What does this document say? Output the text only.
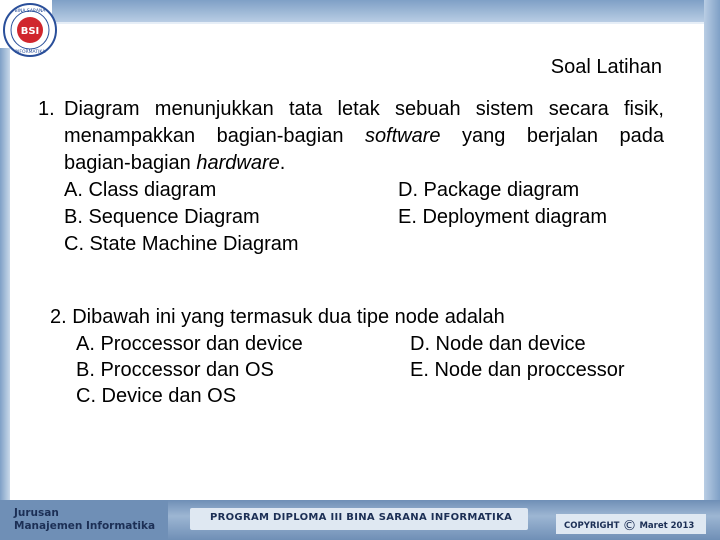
BSI
BINA SARANA
INFORMATIKA
Soal Latihan
1. Diagram menunjukkan tata letak sebuah sistem secara fisik,
menampakkan bagian-bagian software yang berjalan pada
bagian-bagian hardware.
A. Class diagram
B. Sequence Diagram
C. State Machine Diagram
D. Package diagram
E. Deployment diagram
2. Dibawah ini yang termasuk dua tipe node adalah
A. Proccessor dan device
B. Proccessor dan OS
C. Device dan OS
D. Node dan device
E. Node dan proccessor
Jurusan
Manajemen Informatika
PROGRAM DIPLOMA III BINA SARANA INFORMATIKA
COPYRIGHT © Maret 2013
